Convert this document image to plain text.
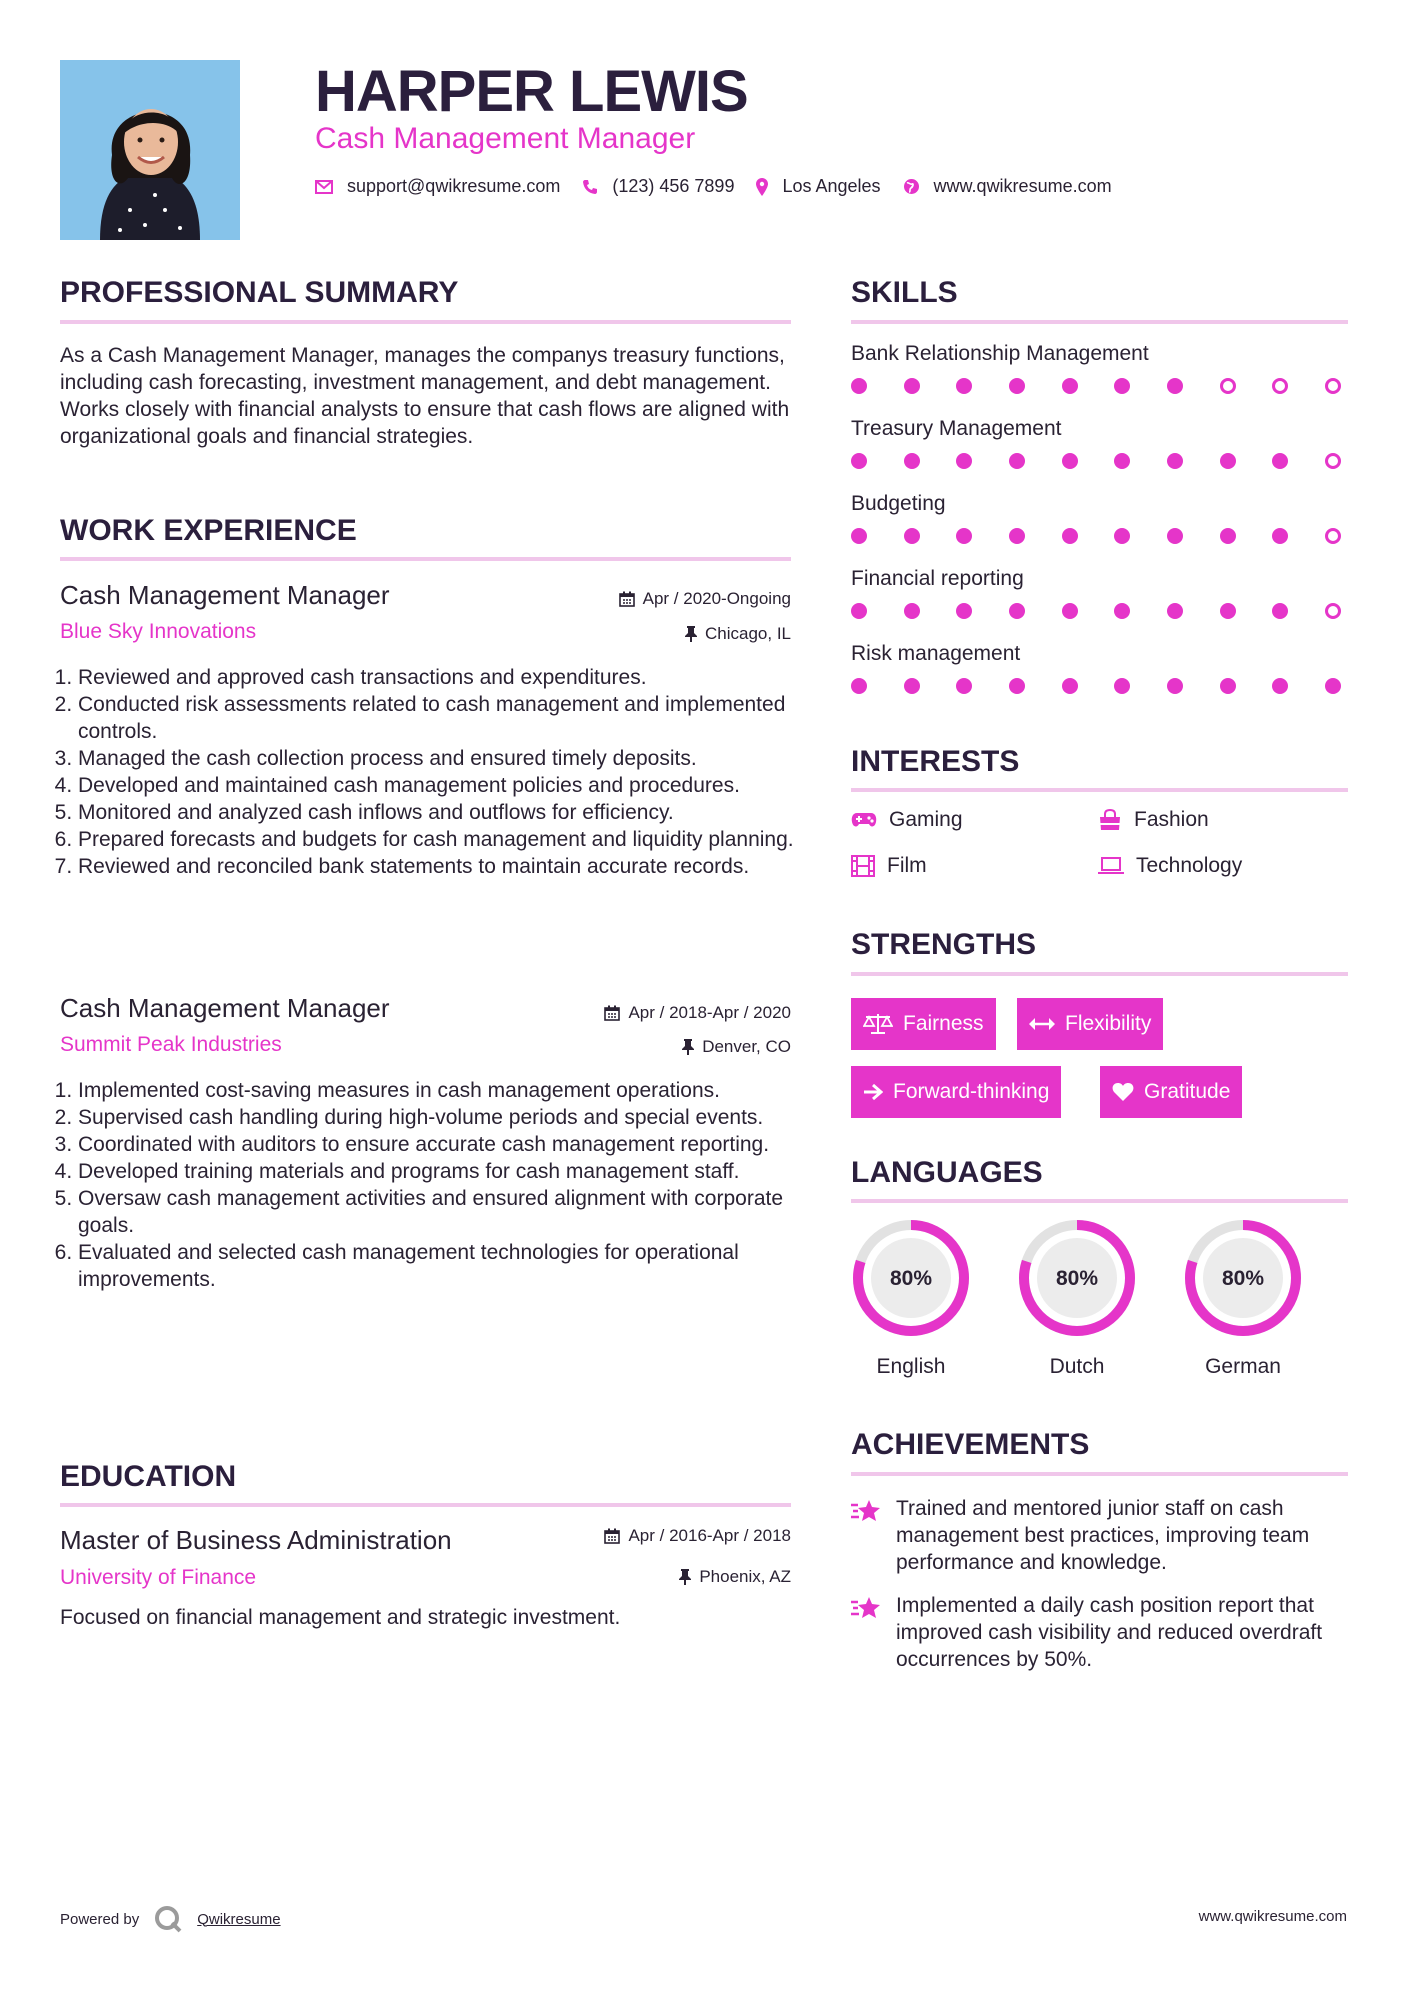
HARPER LEWIS
Cash Management Manager
support@qwikresume.com	(123) 456 7899	Los Angeles	www.qwikresume.com
PROFESSIONAL SUMMARY
As a Cash Management Manager, manages the companys treasury functions, including cash forecasting, investment management, and debt management. Works closely with financial analysts to ensure that cash flows are aligned with organizational goals and financial strategies.
WORK EXPERIENCE
Cash Management Manager
Blue Sky Innovations
Apr / 2020-Ongoing
Chicago, IL
1. Reviewed and approved cash transactions and expenditures.
2. Conducted risk assessments related to cash management and implemented controls.
3. Managed the cash collection process and ensured timely deposits.
4. Developed and maintained cash management policies and procedures.
5. Monitored and analyzed cash inflows and outflows for efficiency.
6. Prepared forecasts and budgets for cash management and liquidity planning.
7. Reviewed and reconciled bank statements to maintain accurate records.
Cash Management Manager
Summit Peak Industries
Apr / 2018-Apr / 2020
Denver, CO
1. Implemented cost-saving measures in cash management operations.
2. Supervised cash handling during high-volume periods and special events.
3. Coordinated with auditors to ensure accurate cash management reporting.
4. Developed training materials and programs for cash management staff.
5. Oversaw cash management activities and ensured alignment with corporate goals.
6. Evaluated and selected cash management technologies for operational improvements.
EDUCATION
Master of Business Administration
University of Finance
Apr / 2016-Apr / 2018
Phoenix, AZ
Focused on financial management and strategic investment.
SKILLS
Bank Relationship Management
Treasury Management
Budgeting
Financial reporting
Risk management
INTERESTS
Gaming	Fashion
Film	Technology
STRENGTHS
Fairness	Flexibility
Forward-thinking	Gratitude
LANGUAGES
80%
English
80%
Dutch
80%
German
ACHIEVEMENTS
Trained and mentored junior staff on cash management best practices, improving team performance and knowledge.
Implemented a daily cash position report that improved cash visibility and reduced overdraft occurrences by 50%.
Powered by	Qwikresume	www.qwikresume.com
